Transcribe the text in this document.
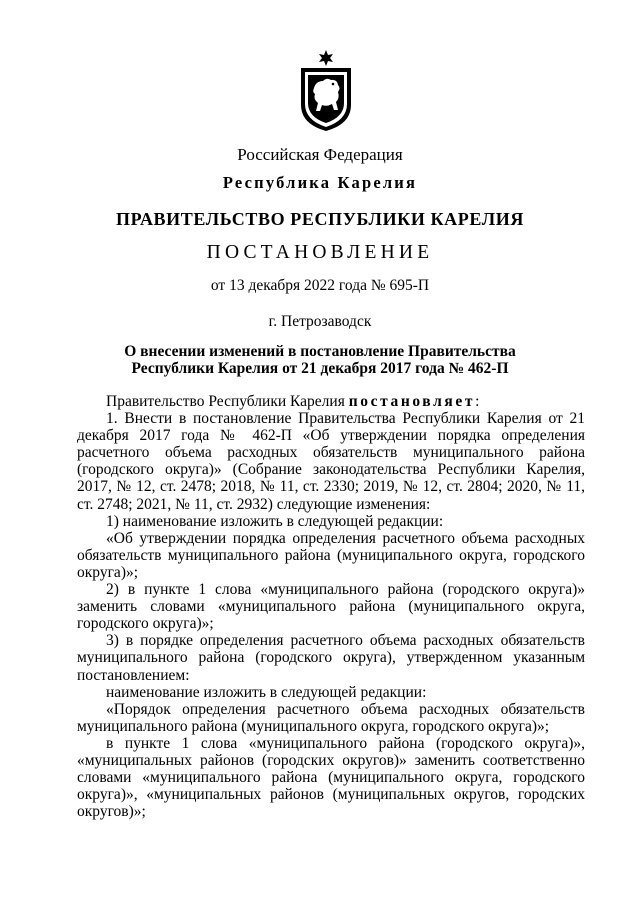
Российская Федерация
Республика Карелия
ПРАВИТЕЛЬСТВО РЕСПУБЛИКИ КАРЕЛИЯ
ПОСТАНОВЛЕНИЕ
от 13 декабря 2022 года № 695-П
г. Петрозаводск
О внесении изменений в постановление Правительства
Республики Карелия от 21 декабря 2017 года № 462-П

Правительство Республики Карелия постановляет:

1. Внести в постановление Правительства Республики Карелия от 21 декабря 2017 года № 462-П «Об утверждении порядка определения расчетного объема расходных обязательств муниципального района (городского округа)» (Собрание законодательства Республики Карелия, 2017, № 12, ст. 2478; 2018, № 11, ст. 2330; 2019, № 12, ст. 2804; 2020, № 11, ст. 2748; 2021, № 11, ст. 2932) следующие изменения:

1) наименование изложить в следующей редакции:

«Об утверждении порядка определения расчетного объема расходных обязательств муниципального района (муниципального округа, городского округа)»;

2) в пункте 1 слова «муниципального района (городского округа)» заменить словами «муниципального района (муниципального округа, городского округа)»;

3) в порядке определения расчетного объема расходных обязательств муниципального района (городского округа), утвержденном указанным постановлением:

наименование изложить в следующей редакции:

«Порядок определения расчетного объема расходных обязательств муниципального района (муниципального округа, городского округа)»;

в пункте 1 слова «муниципального района (городского округа)», «муниципальных районов (городских округов)» заменить соответственно словами «муниципального района (муниципального округа, городского округа)», «муниципальных районов (муниципальных округов, городских округов)»;
